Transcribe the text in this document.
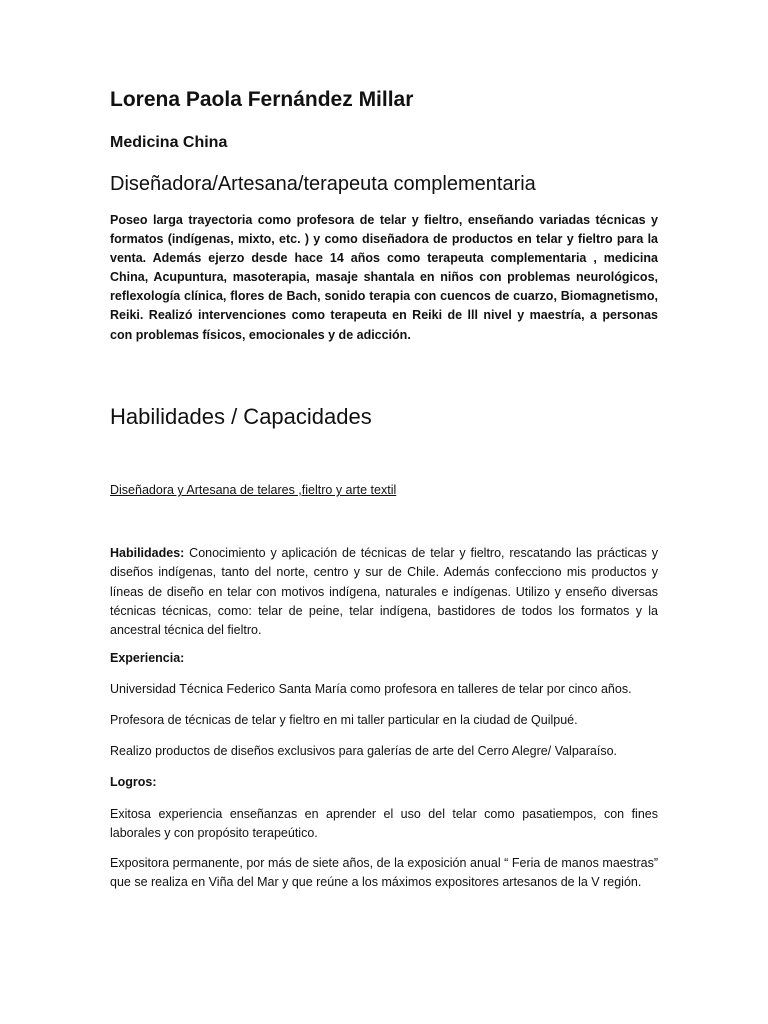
Lorena Paola Fernández Millar
Medicina China
Diseñadora/Artesana/terapeuta complementaria

Poseo larga trayectoria como profesora de telar y fieltro, enseñando variadas técnicas y formatos (indígenas, mixto, etc. ) y como diseñadora de productos en telar y fieltro para la venta. Además ejerzo desde hace 14 años como terapeuta complementaria , medicina China, Acupuntura, masoterapia, masaje shantala en niños con problemas neurológicos, reflexología clínica, flores de Bach, sonido terapia con cuencos de cuarzo, Biomagnetismo, Reiki. Realizó intervenciones como terapeuta en Reiki de lll nivel y maestría, a personas con problemas físicos, emocionales y de adicción.

Habilidades / Capacidades

Diseñadora y Artesana de telares ,fieltro y arte textil

Habilidades: Conocimiento y aplicación de técnicas de telar y fieltro, rescatando las prácticas y diseños indígenas, tanto del norte, centro y sur de Chile. Además confecciono mis productos y líneas de diseño en telar con motivos indígena, naturales e indígenas. Utilizo y enseño diversas técnicas técnicas, como: telar de peine, telar indígena, bastidores de todos los formatos y la ancestral técnica del fieltro.

Experiencia:

Universidad Técnica Federico Santa María como profesora en talleres de telar por cinco años.

Profesora de técnicas de telar y fieltro en mi taller particular en la ciudad de Quilpué.

Realizo productos de diseños exclusivos para galerías de arte del Cerro Alegre/ Valparaíso.

Logros:

Exitosa experiencia enseñanzas en aprender el uso del telar como pasatiempos, con fines laborales y con propósito terapeútico.

Expositora permanente, por más de siete años, de la exposición anual “ Feria de manos maestras” que se realiza en Viña del Mar y que reúne a los máximos expositores artesanos de la V región.
